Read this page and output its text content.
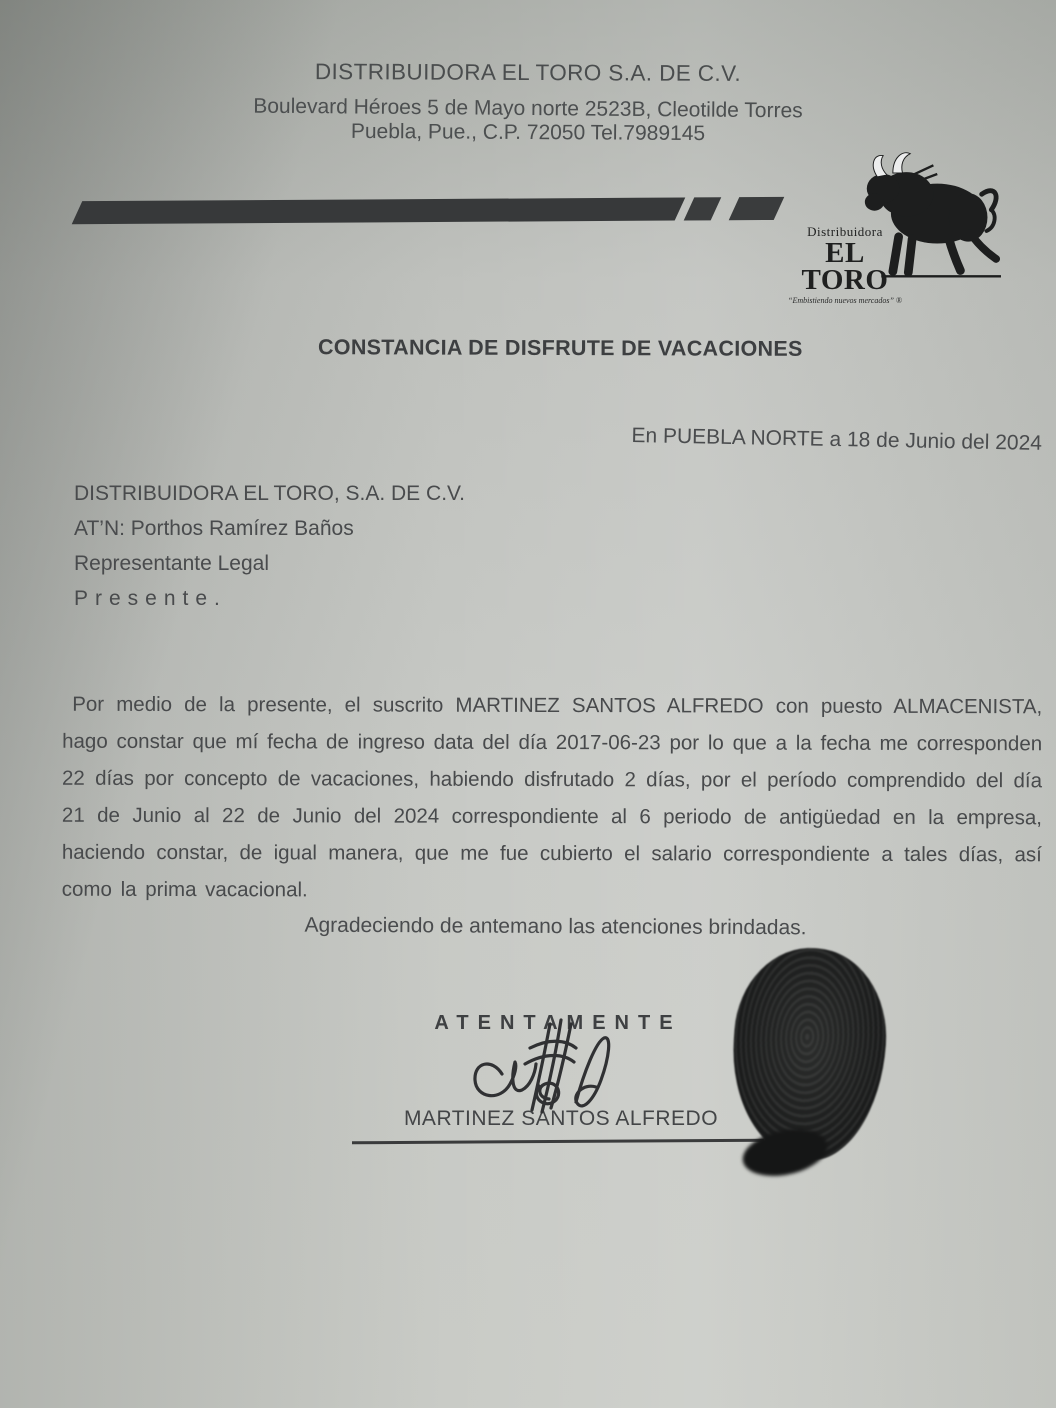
DISTRIBUIDORA EL TORO S.A. DE C.V.
Boulevard Héroes 5 de Mayo norte 2523B, Cleotilde Torres
Puebla, Pue., C.P. 72050 Tel.7989145
Distribuidora
EL TORO
“Embistiendo nuevos mercados” ®
CONSTANCIA DE DISFRUTE DE VACACIONES
En PUEBLA NORTE a 18 de Junio del 2024
DISTRIBUIDORA EL TORO, S.A. DE C.V.
AT’N: Porthos Ramírez Baños
Representante Legal
Presente.

Por medio de la presente, el suscrito MARTINEZ SANTOS ALFREDO con puesto ALMACENISTA, hago constar que mí fecha de ingreso data del día 2017-06-23 por lo que a la fecha me corresponden 22 días por concepto de vacaciones, habiendo disfrutado 2 días, por el período comprendido del día 21 de Junio al 22 de Junio del 2024 correspondiente al 6 periodo de antigüedad en la empresa, haciendo constar, de igual manera, que me fue cubierto el salario correspondiente a tales días, así como la prima vacacional.

Agradeciendo de antemano las atenciones brindadas.
ATENTAMENTE
MARTINEZ SANTOS ALFREDO
